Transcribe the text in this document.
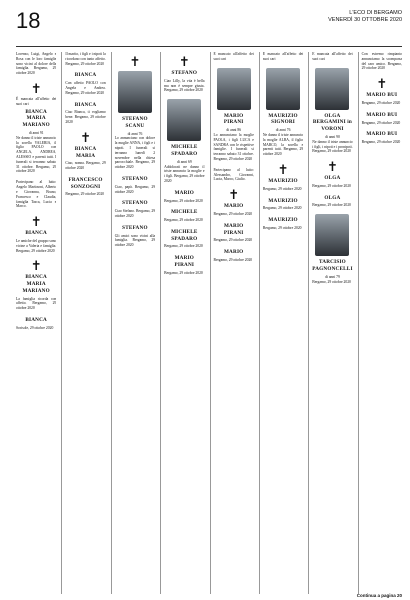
18	L'ECO DI BERGAMO
VENERDÌ 30 OTTOBRE 2020

Lorenzo, Luigi, Angelo e Rosa con le loro famiglie sono vicini al dolore della famiglia. Bergamo, 29 ottobre 2020

✝

È mancata all'affetto dei suoi cari

BIANCA MARIA MARIANO
di anni 91

Ne danno il triste annuncio la sorella VALERIA, il figlio PAOLO con ANGELA, ANDREA, ALESSIO e parenti tutti. I funerali si terranno sabato 31 ottobre. Bergamo, 29 ottobre 2020

Partecipano al lutto: Angelo Martinoni, Alberto e Giovanna, Bruno, Francesco e Claudia, famiglia Tasca, Lucia e Marco.

✝
BIANCA

Le amiche del gruppo sono vicine a Valeria e famiglia. Bergamo, 29 ottobre 2020

✝
BIANCA MARIA MARIANO

La famiglia ricorda con affetto. Bergamo, 29 ottobre 2020

BIANCA

Sorisole, 29 ottobre 2020

Il marito, i figli e i nipoti la ricordano con tanto affetto. Bergamo, 29 ottobre 2020

BIANCA

Con affetto PAOLO con Angela e Andrea. Bergamo, 29 ottobre 2020

BIANCA

Ciao Bianca, ti vogliamo bene. Bergamo, 29 ottobre 2020

✝
BIANCA MARIA

Ciao, nonna. Bergamo, 29 ottobre 2020

FRANCESCO SONZOGNI

Bergamo, 29 ottobre 2020

✝
STEFANO SCANU
di anni 76

Lo annunciano con dolore la moglie ANNA, i figli e i nipoti. I funerali si terranno lunedì 2 novembre nella chiesa parrocchiale. Bergamo, 29 ottobre 2020

STEFANO

Ciao, papà. Bergamo, 29 ottobre 2020

STEFANO

Ciao Stefano. Bergamo, 29 ottobre 2020

STEFANO

Gli amici sono vicini alla famiglia. Bergamo, 29 ottobre 2020

✝
STEFANO

Ciao Lilly, la vita è bella ma non è sempre giusta. Bergamo, 29 ottobre 2020

MICHELE SPADARO
di anni 69

Addolorati ne danno il triste annuncio la moglie e i figli. Bergamo, 29 ottobre 2020

MARIO

Bergamo, 29 ottobre 2020

MICHELE

Bergamo, 29 ottobre 2020

MICHELE SPADARO

Bergamo, 29 ottobre 2020

MARIO PIRANI

Bergamo, 29 ottobre 2020

È mancato all'affetto dei suoi cari

MARIO PIRANI
di anni 86

Lo annunciano la moglie PAOLA, i figli LUCA e SANDRA con le rispettive famiglie. I funerali si terranno sabato 31 ottobre. Bergamo, 29 ottobre 2020

Partecipano al lutto: Alessandro, Giovanni, Lucia, Marco, Giulio.

✝
MARIO

Bergamo, 29 ottobre 2020

MARIO PIRANI

Bergamo, 29 ottobre 2020

MARIO

Bergamo, 29 ottobre 2020

È mancato all'affetto dei suoi cari

MAURIZIO SIGNORI
di anni 76

Ne danno il triste annuncio la moglie ALBA, il figlio MARCO, la sorella e parenti tutti. Bergamo, 29 ottobre 2020

✝
MAURIZIO

Bergamo, 29 ottobre 2020

MAURIZIO

Bergamo, 29 ottobre 2020

MAURIZIO

Bergamo, 29 ottobre 2020

È mancata all'affetto dei suoi cari

OLGA BERGAMINI in VORONI
di anni 90

Ne danno il triste annuncio i figli, i nipoti e i pronipoti. Bergamo, 29 ottobre 2020

✝
OLGA

Bergamo, 29 ottobre 2020

OLGA

Bergamo, 29 ottobre 2020

TARCISIO PAGNONCELLI
di anni 79

Bergamo, 29 ottobre 2020

Con estremo rimpianto annunciamo la scomparsa del caro amico. Bergamo, 29 ottobre 2020

✝
MARIO BUI

Bergamo, 29 ottobre 2020

MARIO BUI

Bergamo, 29 ottobre 2020

MARIO BUI

Bergamo, 29 ottobre 2020

Continua a pagina 20
